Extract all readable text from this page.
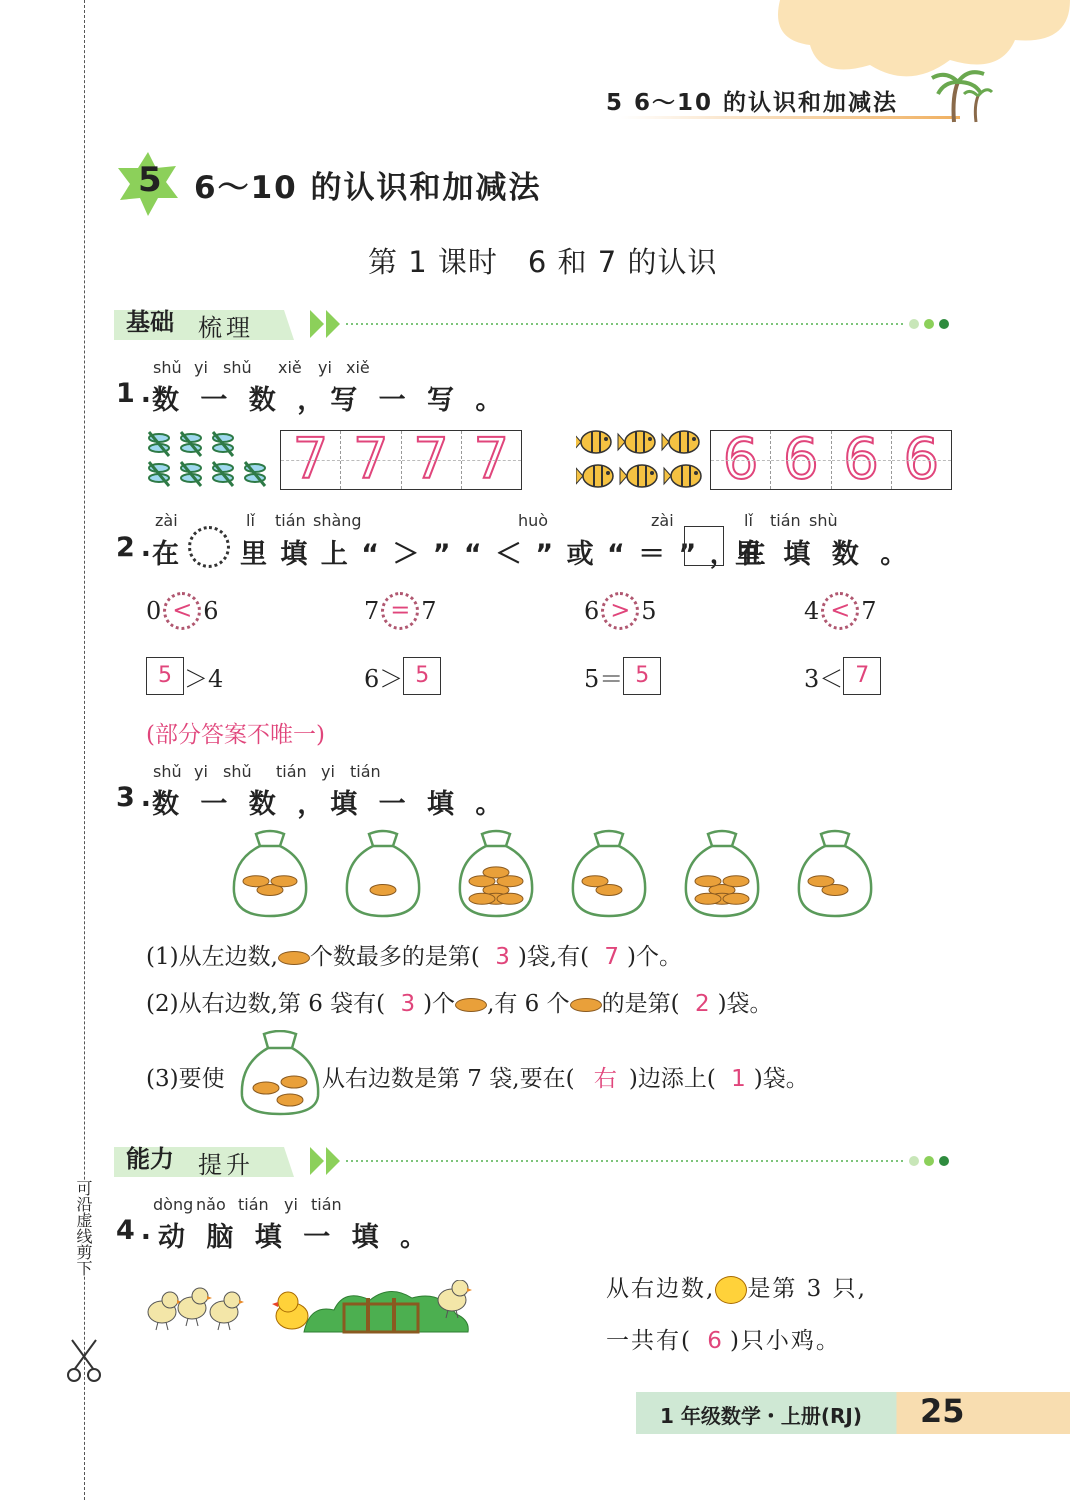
可沿虚线剪下
5 6～10 的认识和加减法
5 6～10 的认识和加减法
第 1 课时　6 和 7 的认识
基础 梳理
shǔ yi shǔ xiě yi xiě
1.
数 一 数 ，写 一 写 。
7 7 7 7	6 6 6 6
zài	lǐ tián shàng	huò	zài	lǐ tián shù
2.
在 里 填 上 “ ＞ ” “ ＜ ” 或 “ ＝ ” ，在
里 填 数 。
0 < 6	7 = 7	6 > 5	4 < 7
5 ＞4	6＞ 5	5＝ 5	3＜ 7
(部分答案不唯一)
shǔ yi shǔ tián yi tián
3.
数 一 数 ，填 一 填 。
(1)从左边数, 个数最多的是第( 3 )袋,有( 7 )个。
(2)从右边数,第 6 袋有( 3 )个 ,有 6 个 的是第( 2 )袋。
(3)要使	从右边数是第 7 袋,要在( 右 )边添上( 1 )袋。
能力 提升
dòng nǎo tián yi tián
4. 动 脑 填 一 填 。
从右边数, 是第 3 只,
一共有( 6 )只小鸡。
1 年级数学・上册(RJ) 25
